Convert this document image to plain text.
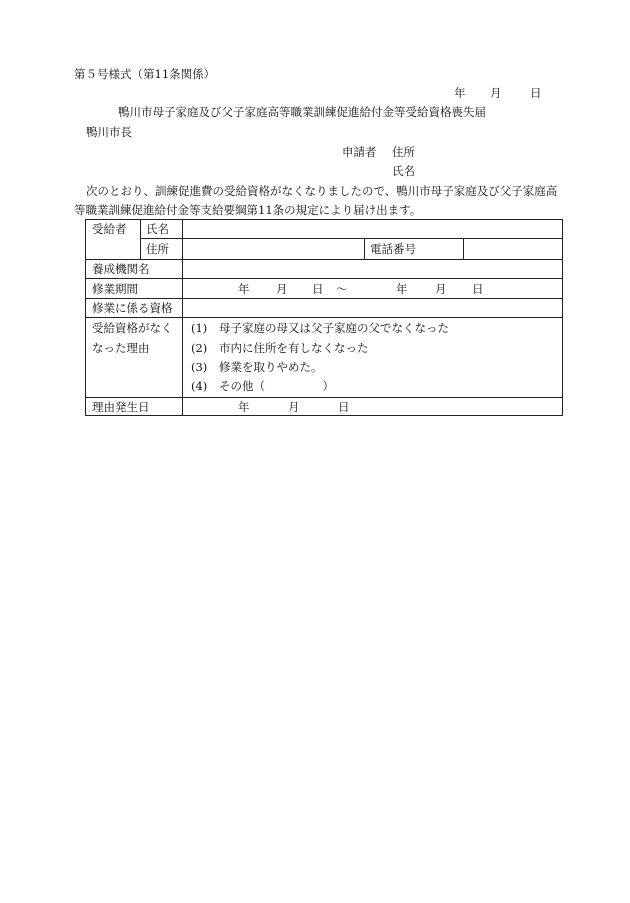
第５号様式（第11条関係）
年 月 日
鴨川市母子家庭及び父子家庭高等職業訓練促進給付金等受給資格喪失届
鴨川市長
申請者 住所
氏名
次のとおり、訓練促進費の受給資格がなくなりましたので、鴨川市母子家庭及び父子家庭高等職業訓練促進給付金等支給要綱第11条の規定により届け出ます。
受給者 氏名
住所	電話番号
養成機関名
修業期間	年 月 日 ～	年 月 日
修業に係る資格
受給資格がなく
なった理由
(1) 母子家庭の母又は父子家庭の父でなくなった
(2) 市内に住所を有しなくなった
(3) 修業を取りやめた。
(4) その他（　　　　　）
理由発生日	年	月	日
